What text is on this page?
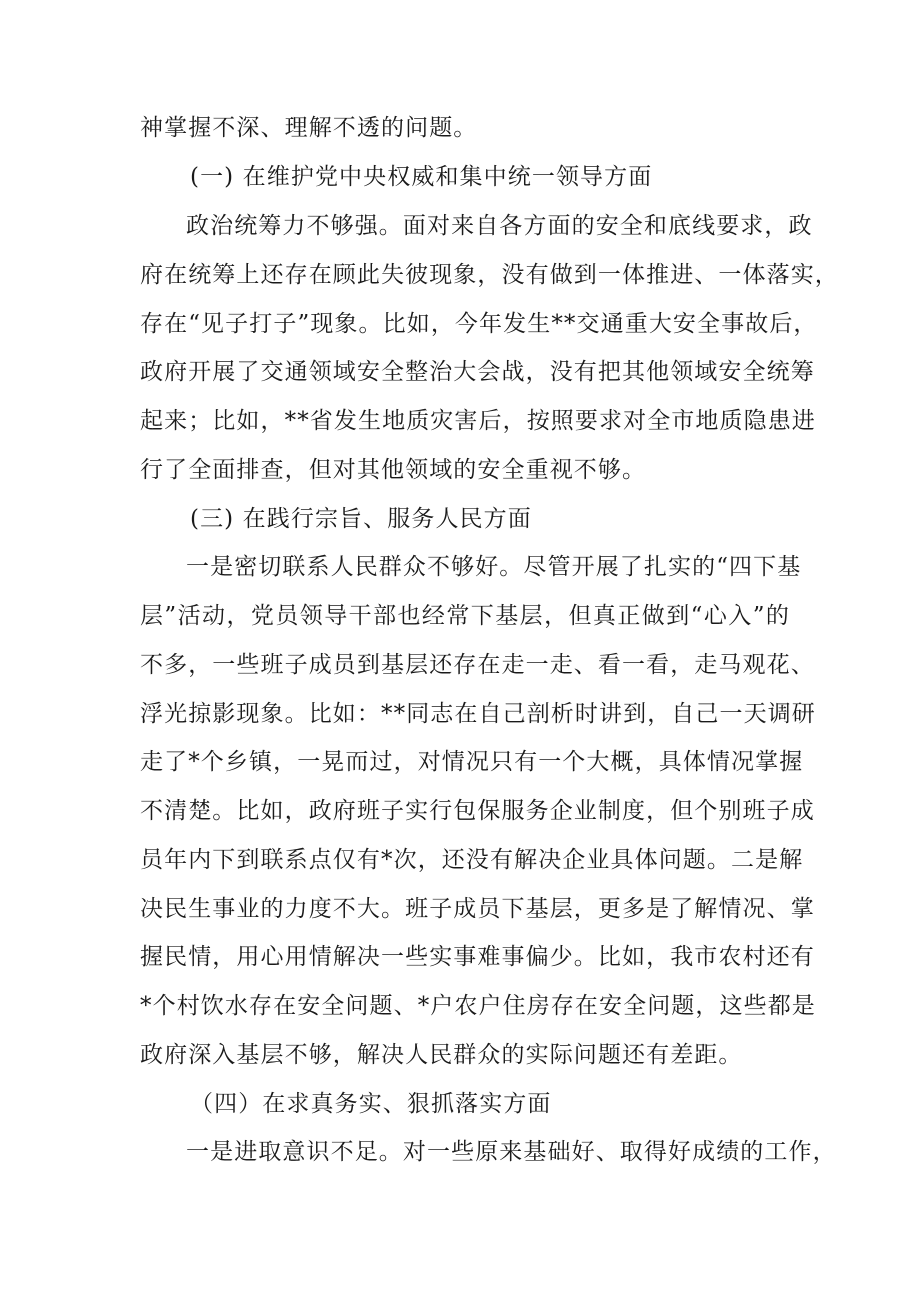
神掌握不深、理解不透的问题。
(一) 在维护党中央权威和集中统一领导方面
政治统筹力不够强。面对来自各方面的安全和底线要求，政
府在统筹上还存在顾此失彼现象，没有做到一体推进、一体落实，
存在“见子打子”现象。比如，今年发生**交通重大安全事故后，
政府开展了交通领域安全整治大会战，没有把其他领域安全统筹
起来；比如，**省发生地质灾害后，按照要求对全市地质隐患进
行了全面排查，但对其他领域的安全重视不够。
(三) 在践行宗旨、服务人民方面
一是密切联系人民群众不够好。尽管开展了扎实的“四下基
层”活动，党员领导干部也经常下基层，但真正做到“心入”的
不多，一些班子成员到基层还存在走一走、看一看，走马观花、
浮光掠影现象。比如：**同志在自己剖析时讲到，自己一天调研
走了*个乡镇，一晃而过，对情况只有一个大概，具体情况掌握
不清楚。比如，政府班子实行包保服务企业制度，但个别班子成
员年内下到联系点仅有*次，还没有解决企业具体问题。二是解
决民生事业的力度不大。班子成员下基层，更多是了解情况、掌
握民情，用心用情解决一些实事难事偏少。比如，我市农村还有
*个村饮水存在安全问题、*户农户住房存在安全问题，这些都是
政府深入基层不够，解决人民群众的实际问题还有差距。
（四）在求真务实、狠抓落实方面
一是进取意识不足。对一些原来基础好、取得好成绩的工作，
